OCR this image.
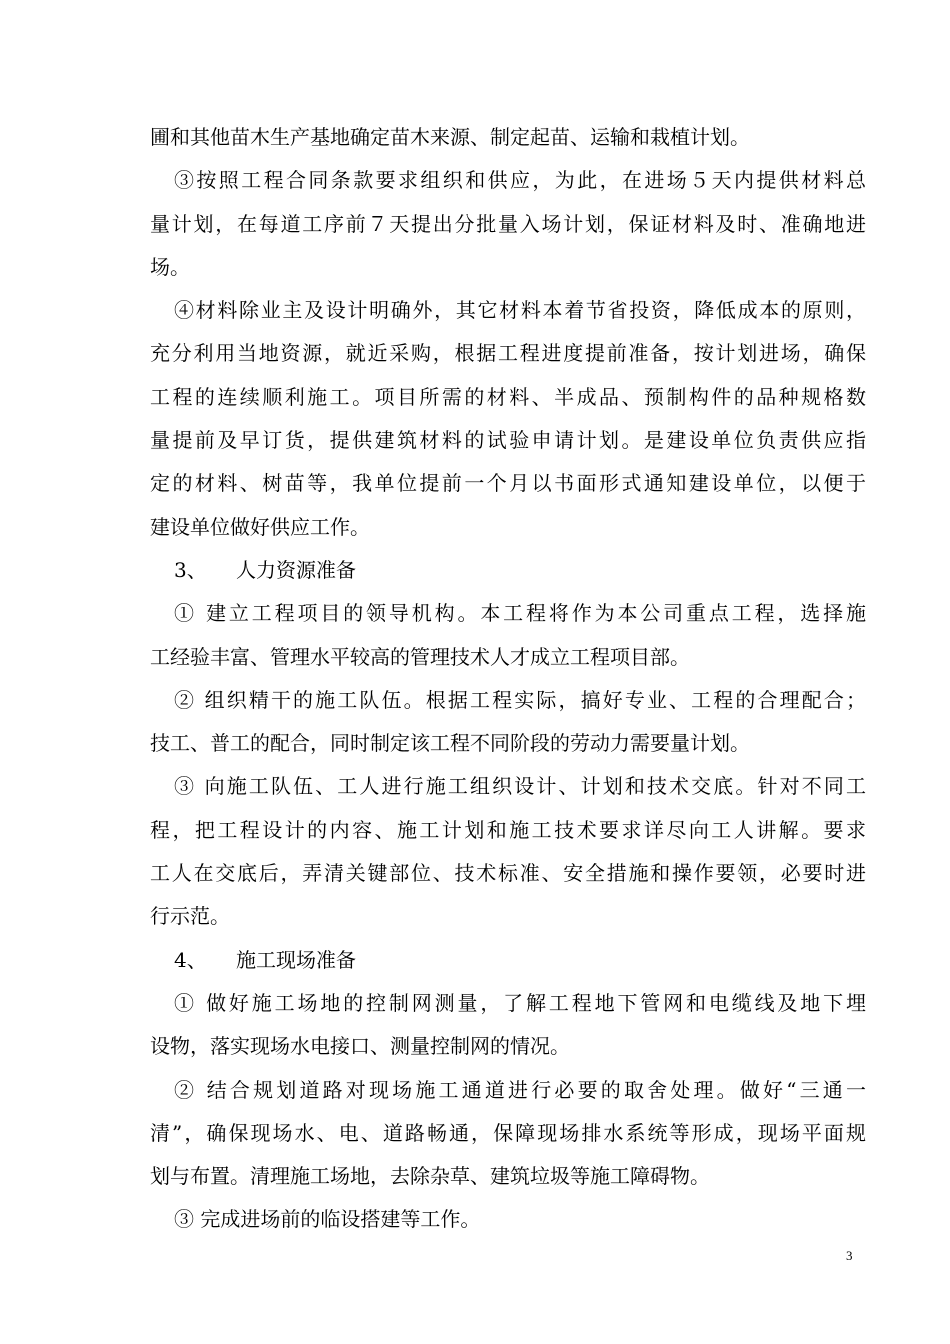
圃和其他苗木生产基地确定苗木来源、制定起苗、运输和栽植计划。
③按照工程合同条款要求组织和供应，为此，在进场５天内提供材料总
量计划，在每道工序前７天提出分批量入场计划，保证材料及时、准确地进
场。
④材料除业主及设计明确外，其它材料本着节省投资，降低成本的原则，
充分利用当地资源，就近采购，根据工程进度提前准备，按计划进场，确保
工程的连续顺利施工。项目所需的材料、半成品、预制构件的品种规格数
量提前及早订货，提供建筑材料的试验申请计划。是建设单位负责供应指
定的材料、树苗等，我单位提前一个月以书面形式通知建设单位，以便于
建设单位做好供应工作。
3、 人力资源准备
① 建立工程项目的领导机构。本工程将作为本公司重点工程，选择施
工经验丰富、管理水平较高的管理技术人才成立工程项目部。
② 组织精干的施工队伍。根据工程实际，搞好专业、工程的合理配合；
技工、普工的配合，同时制定该工程不同阶段的劳动力需要量计划。
③ 向施工队伍、工人进行施工组织设计、计划和技术交底。针对不同工
程，把工程设计的内容、施工计划和施工技术要求详尽向工人讲解。要求
工人在交底后，弄清关键部位、技术标准、安全措施和操作要领，必要时进
行示范。
4、 施工现场准备
① 做好施工场地的控制网测量，了解工程地下管网和电缆线及地下埋
设物，落实现场水电接口、测量控制网的情况。
② 结合规划道路对现场施工通道进行必要的取舍处理。做好“三通一
清”，确保现场水、电、道路畅通，保障现场排水系统等形成，现场平面规
划与布置。清理施工场地，去除杂草、建筑垃圾等施工障碍物。
③ 完成进场前的临设搭建等工作。
3
